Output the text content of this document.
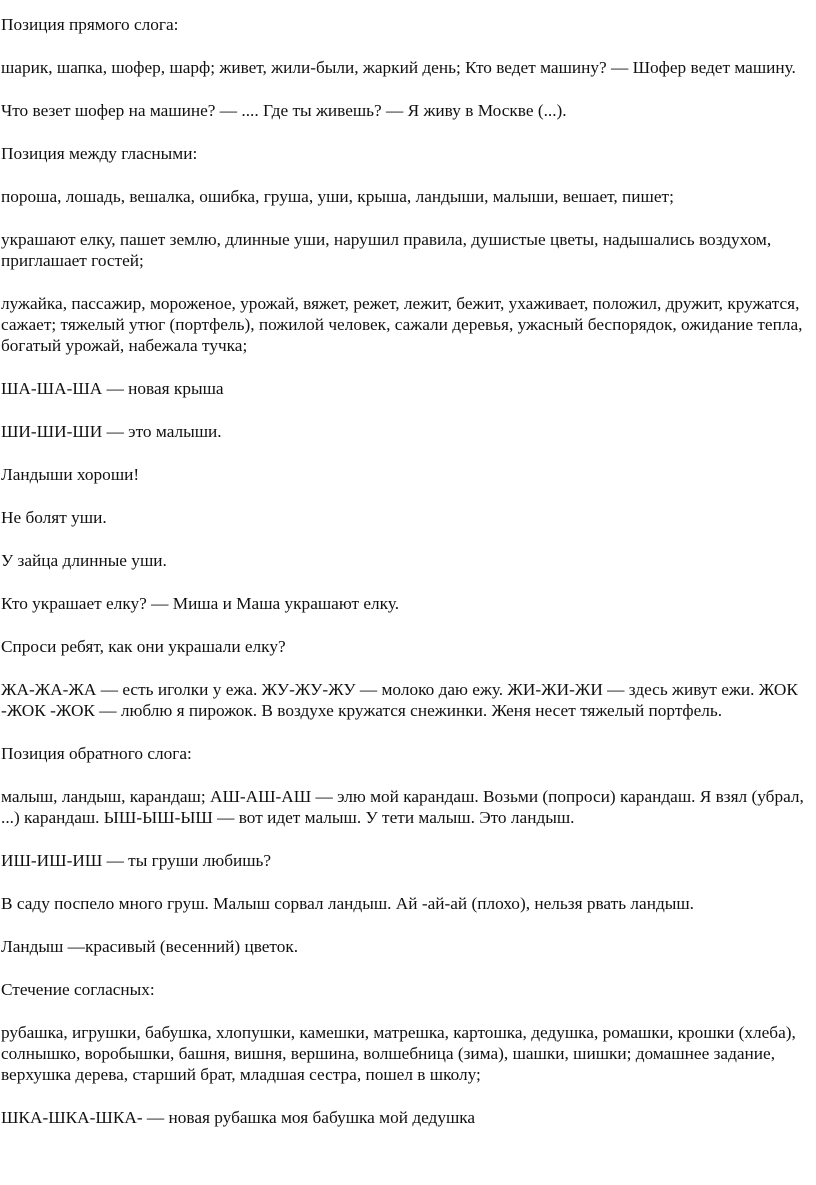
Позиция прямого слога:

шарик, шапка, шофер, шарф; живет, жили-были, жаркий день; Кто ведет машину? — Шофер ведет машину.

Что везет шофер на машине? — .... Где ты живешь? — Я живу в Москве (...).

Позиция между гласными:

пороша, лошадь, вешалка, ошибка, груша, уши, крыша, ландыши, малыши, вешает, пишет;

украшают елку, пашет землю, длинные уши, нарушил правила, душистые цветы, надышались воздухом, приглашает гостей;

лужайка, пассажир, мороженое, урожай, вяжет, режет, лежит, бежит, ухаживает, положил, дружит, кружатся, сажает; тяжелый утюг (портфель), пожилой человек, сажали деревья, ужасный беспорядок, ожидание тепла, богатый урожай, набежала тучка;

ША-ША-ША — новая крыша

ШИ-ШИ-ШИ — это малыши.

Ландыши хороши!

Не болят уши.

У зайца длинные уши.

Кто украшает елку? — Миша и Маша украшают елку.

Спроси ребят, как они украшали елку?

ЖА-ЖА-ЖА — есть иголки у ежа. ЖУ-ЖУ-ЖУ — молоко даю ежу. ЖИ-ЖИ-ЖИ — здесь живут ежи. ЖОК -ЖОК -ЖОК — люблю я пирожок. В воздухе кружатся снежинки. Женя несет тяжелый портфель.

Позиция обратного слога:

малыш, ландыш, карандаш; АШ-АШ-АШ — элю мой карандаш. Возьми (попроси) карандаш. Я взял (убрал, ...) карандаш. ЫШ-ЫШ-ЫШ — вот идет малыш. У тети малыш. Это ландыш.

ИШ-ИШ-ИШ — ты груши любишь?

В саду поспело много груш. Малыш сорвал ландыш. Ай -ай-ай (плохо), нельзя рвать ландыш.

Ландыш —красивый (весенний) цветок.

Стечение согласных:

рубашка, игрушки, бабушка, хлопушки, камешки, матрешка, картошка, дедушка, ромашки, крошки (хлеба), солнышко, воробышки, башня, вишня, вершина, волшебница (зима), шашки, шишки; домашнее задание, верхушка дерева, старший брат, младшая сестра, пошел в школу;

ШКА-ШКА-ШКА- — новая рубашка моя бабушка мой дедушка
